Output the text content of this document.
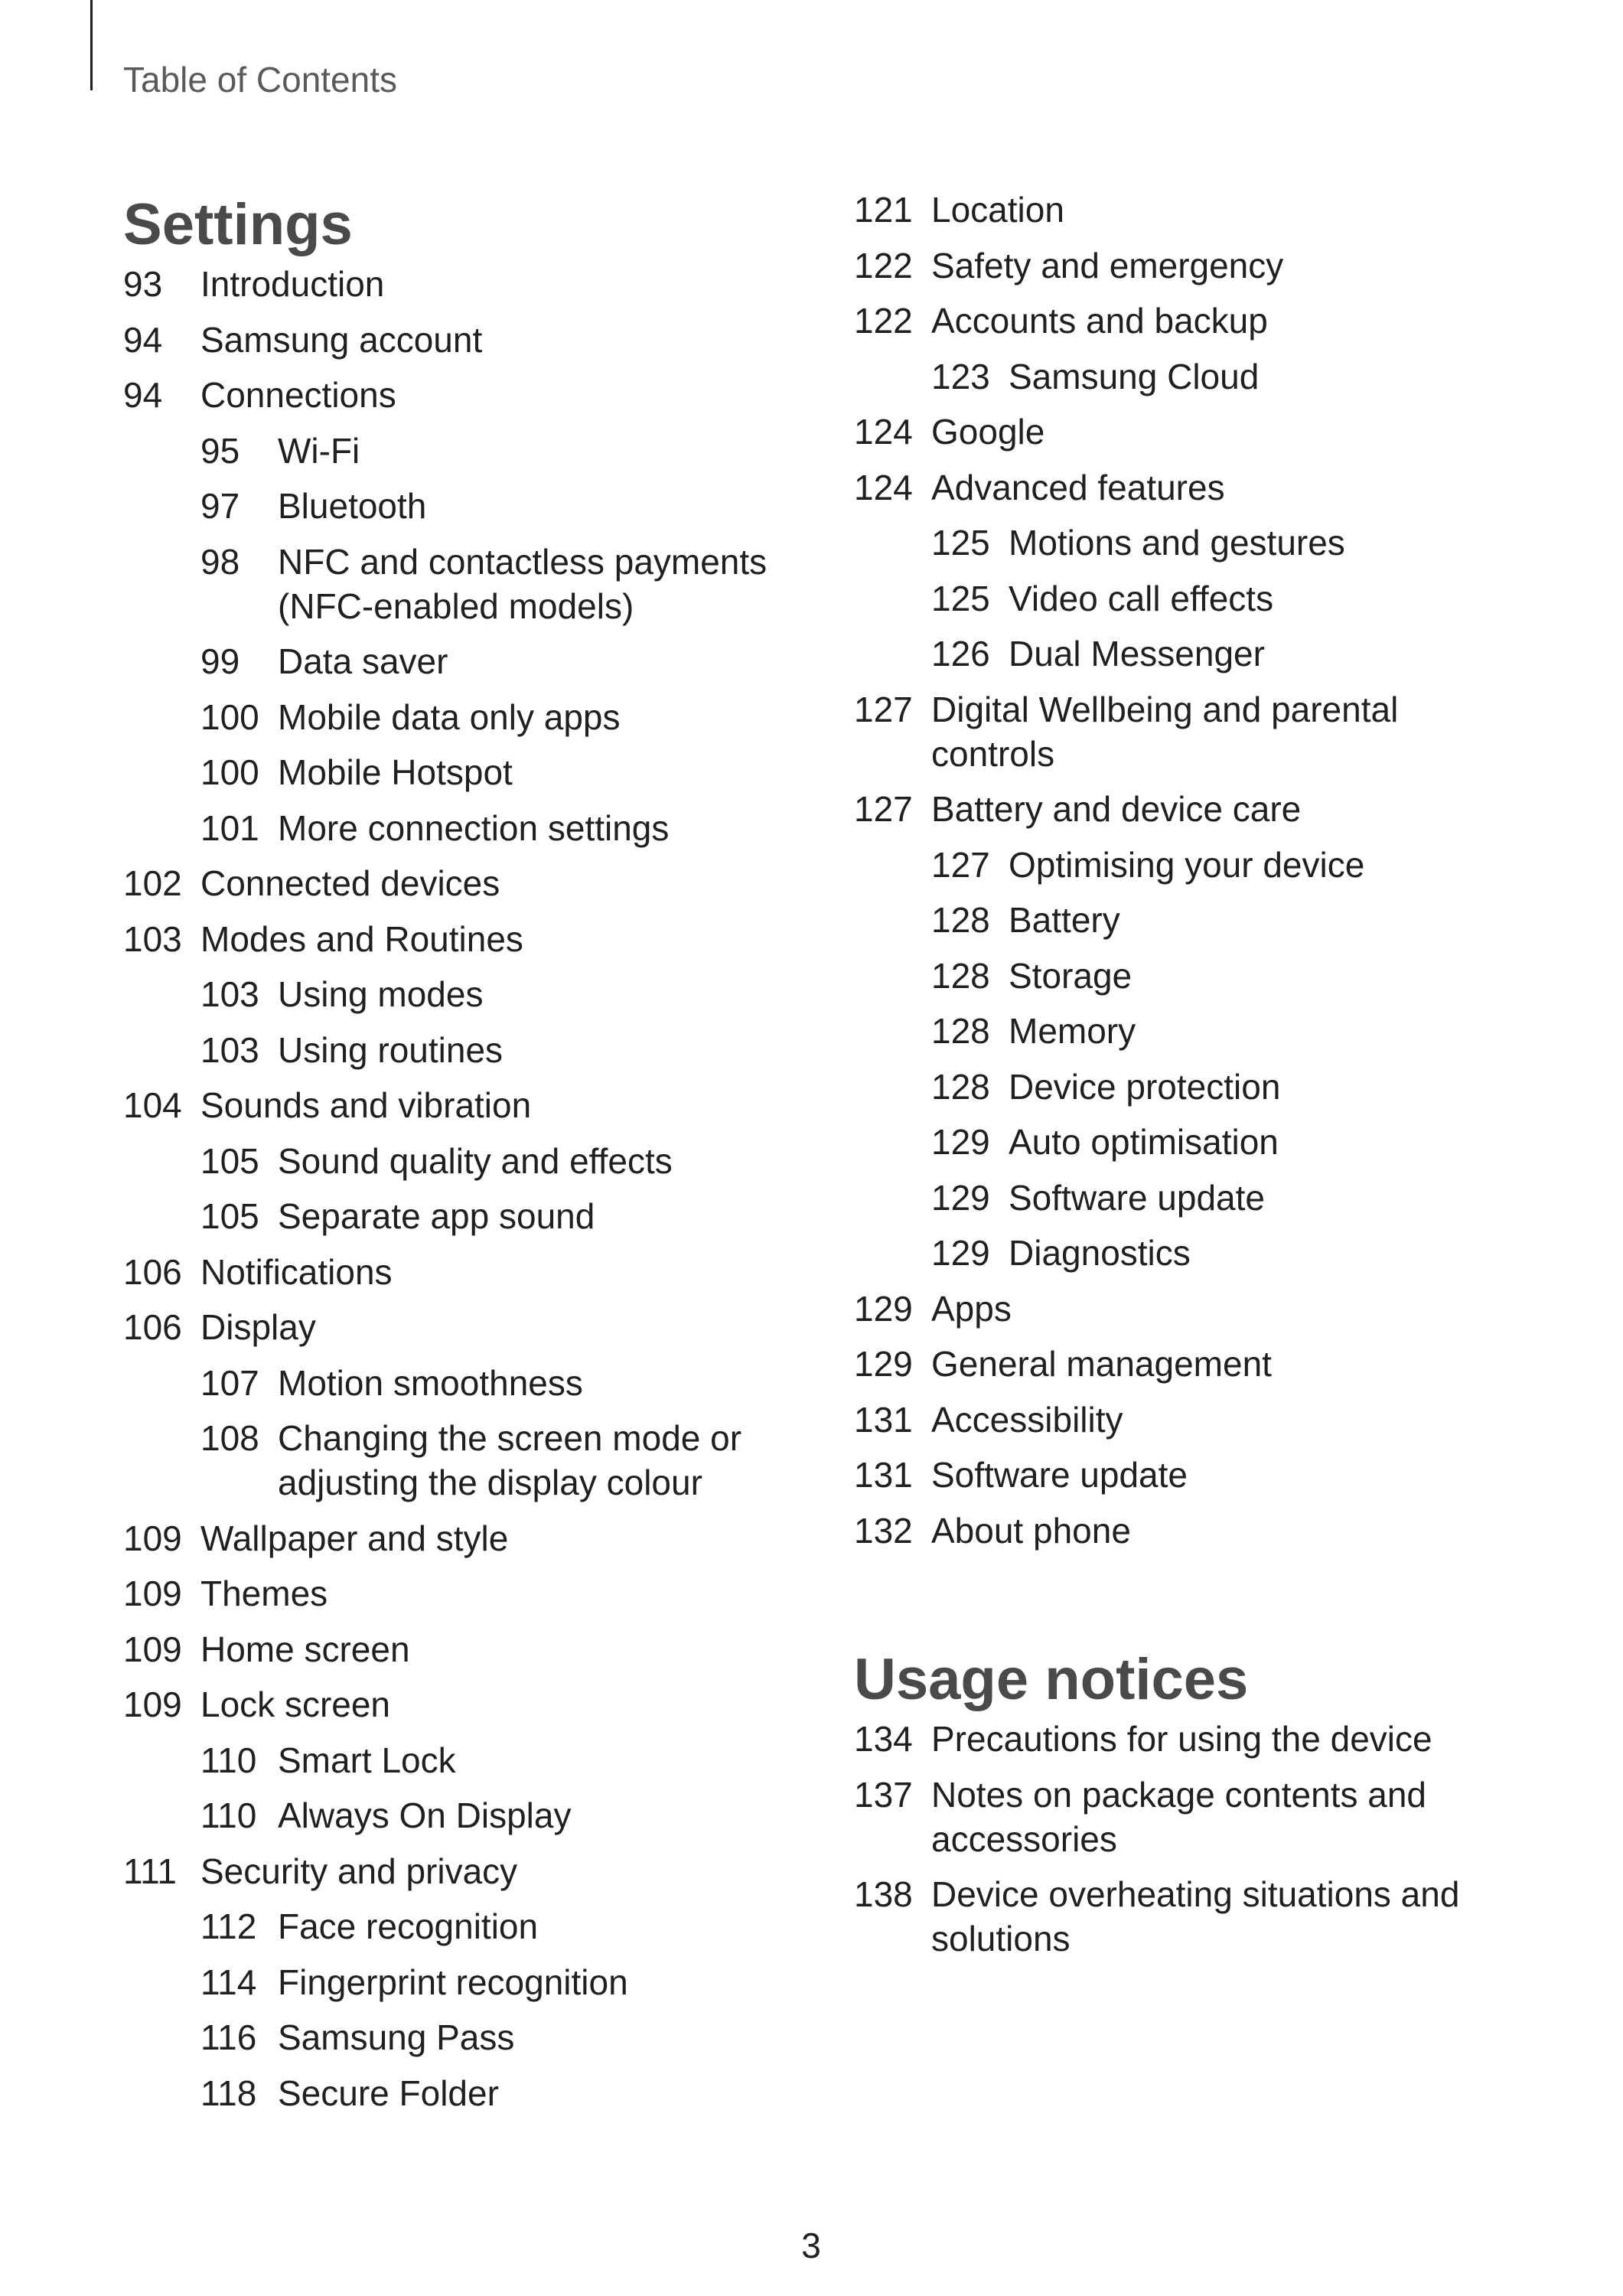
Table of Contents
Settings
93	Introduction
94	Samsung account
94	Connections
95	Wi-Fi
97	Bluetooth
98	NFC and contactless payments (NFC-enabled models)
99	Data saver
100 Mobile data only apps
100 Mobile Hotspot
101 More connection settings
102 Connected devices
103 Modes and Routines
103 Using modes
103 Using routines
104 Sounds and vibration
105 Sound quality and effects
105 Separate app sound
106 Notifications
106 Display
107 Motion smoothness
108 Changing the screen mode or adjusting the display colour
109 Wallpaper and style
109 Themes
109 Home screen
109 Lock screen
110 Smart Lock
110 Always On Display
111 Security and privacy
112 Face recognition
114 Fingerprint recognition
116 Samsung Pass
118 Secure Folder
121 Location
122 Safety and emergency
122 Accounts and backup
123 Samsung Cloud
124 Google
124 Advanced features
125 Motions and gestures
125 Video call effects
126 Dual Messenger
127 Digital Wellbeing and parental controls
127 Battery and device care
127 Optimising your device
128 Battery
128 Storage
128 Memory
128 Device protection
129 Auto optimisation
129 Software update
129 Diagnostics
129 Apps
129 General management
131 Accessibility
131 Software update
132 About phone
Usage notices
134 Precautions for using the device
137 Notes on package contents and accessories
138 Device overheating situations and solutions
3
